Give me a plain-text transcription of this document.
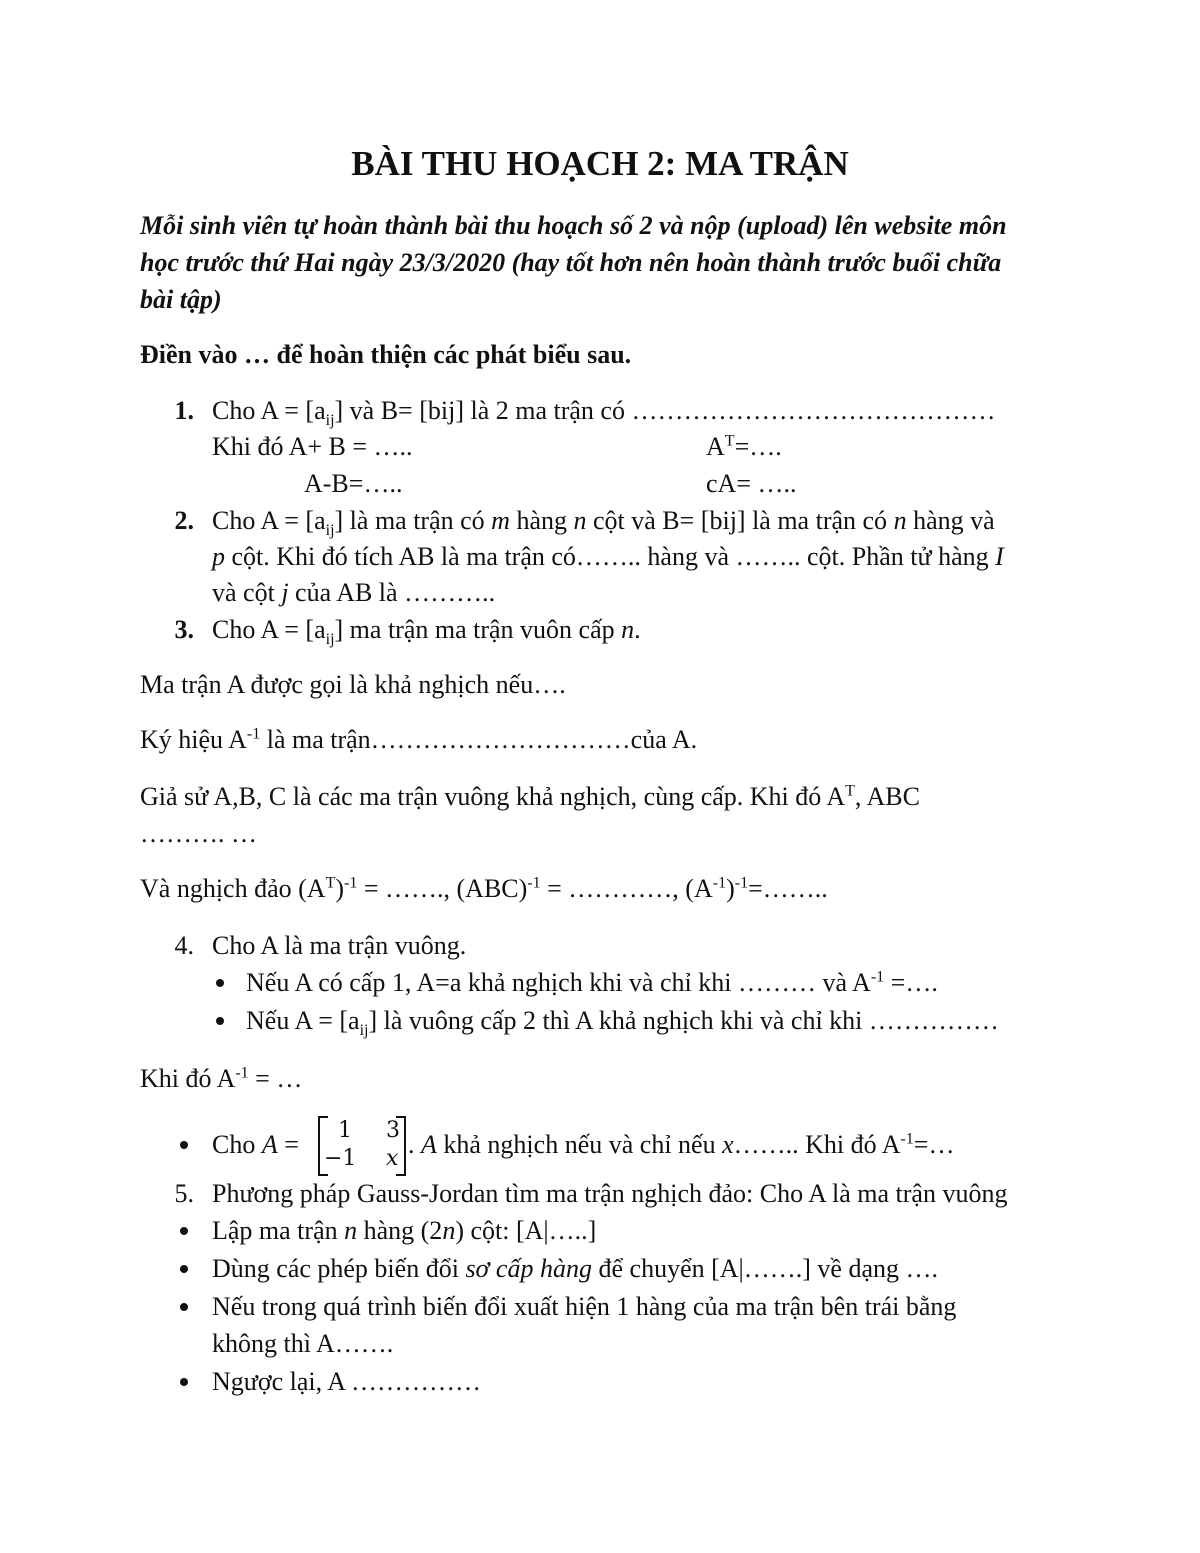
BÀI THU HOẠCH 2: MA TRẬN
Mỗi sinh viên tự hoàn thành bài thu hoạch số 2 và nộp (upload) lên website môn
học trước thứ Hai ngày 23/3/2020 (hay tốt hơn nên hoàn thành trước buổi chữa
bài tập)
Điền vào … để hoàn thiện các phát biểu sau.
1. Cho $A = [a_{ij}]$ và B= [bij] là 2 ma trận có ……………………………………
Khi đó A+ B = …..	$A^T=\dots$.
A-B=…..	cA= …..
2. Cho $A = [a_{ij}]$ là ma trận có m hàng n cột và B= [bij] là ma trận có n hàng và
p cột. Khi đó tích AB là ma trận có…….. hàng và …….. cột. Phần tử hàng I
và cột j của AB là ………..
3. Cho $A = [a_{ij}]$ ma trận ma trận vuôn cấp n.
Ma trận A được gọi là khả nghịch nếu….
Ký hiệu $A^{-1}$ là ma trận…………………………của A.
Giả sử A,B, C là các ma trận vuông khả nghịch, cùng cấp. Khi đó $A^T$, ABC
………. …
Và nghịch đảo $(A^T)^{-1}$ = ……., (ABC)$^{-1}$ = …………, $(A^{-1})^{-1}=\dots\dots$..
4. Cho A là ma trận vuông.
Nếu A có cấp 1, A=a khả nghịch khi và chỉ khi ……… và $A^{-1}$ =….
Nếu $A = [a_{ij}]$ là vuông cấp 2 thì A khả nghịch khi và chỉ khi ……………
Khi đó $A^{-1}$ = …
Cho A = 1 3
−1 x . A khả nghịch nếu và chỉ nếu x…….. Khi đó $A^{-1}=\dots$
5. Phương pháp Gauss-Jordan tìm ma trận nghịch đảo: Cho A là ma trận vuông
Lập ma trận n hàng (2n) cột: [A|…..]
Dùng các phép biến đổi sơ cấp hàng để chuyển [A|…….] về dạng ….
Nếu trong quá trình biến đổi xuất hiện 1 hàng của ma trận bên trái bằng
không thì A…….
Ngược lại, A ……………
